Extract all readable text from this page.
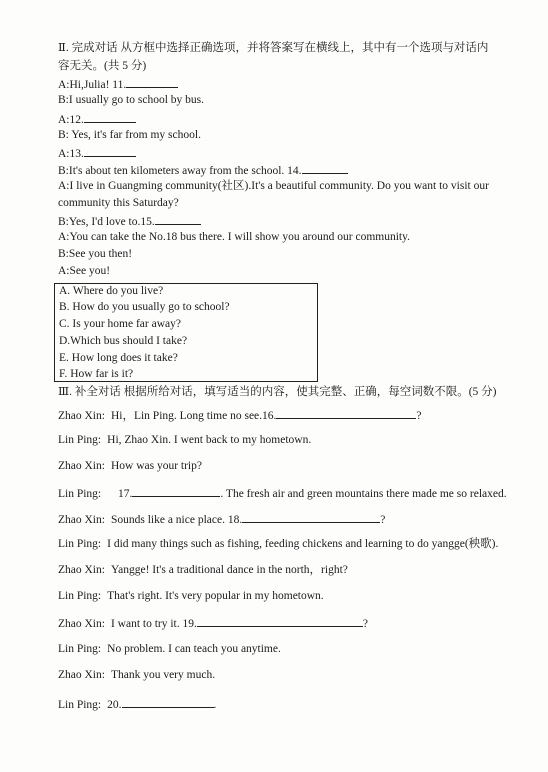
Ⅱ. 完成对话 从方框中选择正确选项，并将答案写在横线上，其中有一个选项与对话内
容无关。(共 5 分)
A:Hi,Julia! 11.
B:I usually go to school by bus.
A:12.
B: Yes, it's far from my school.
A:13.
B:It's about ten kilometers away from the school. 14.
A:I live in Guangming community(社区).It's a beautiful community. Do you want to visit our
community this Saturday?
B:Yes, I'd love to.15.
A:You can take the No.18 bus there. I will show you around our community.
B:See you then!
A:See you!
A. Where do you live?
B. How do you usually go to school?
C. Is your home far away?
D.Which bus should I take?
E. How long does it take?
F. How far is it?
Ⅲ. 补全对话 根据所给对话，填写适当的内容，使其完整、正确，每空词数不限。(5 分)
Zhao Xin: Hi，Lin Ping. Long time no see.16.	?
Lin Ping: Hi, Zhao Xin. I went back to my hometown.
Zhao Xin: How was your trip?
Lin Ping: 17.	. The fresh air and green mountains there made me so relaxed.
Zhao Xin: Sounds like a nice place. 18.	?
Lin Ping: I did many things such as fishing, feeding chickens and learning to do yangge(秧歌).
Zhao Xin: Yangge! It's a traditional dance in the north，right?
Lin Ping: That's right. It's very popular in my hometown.
Zhao Xin: I want to try it. 19.	?
Lin Ping: No problem. I can teach you anytime.
Zhao Xin: Thank you very much.
Lin Ping: 20.	.
